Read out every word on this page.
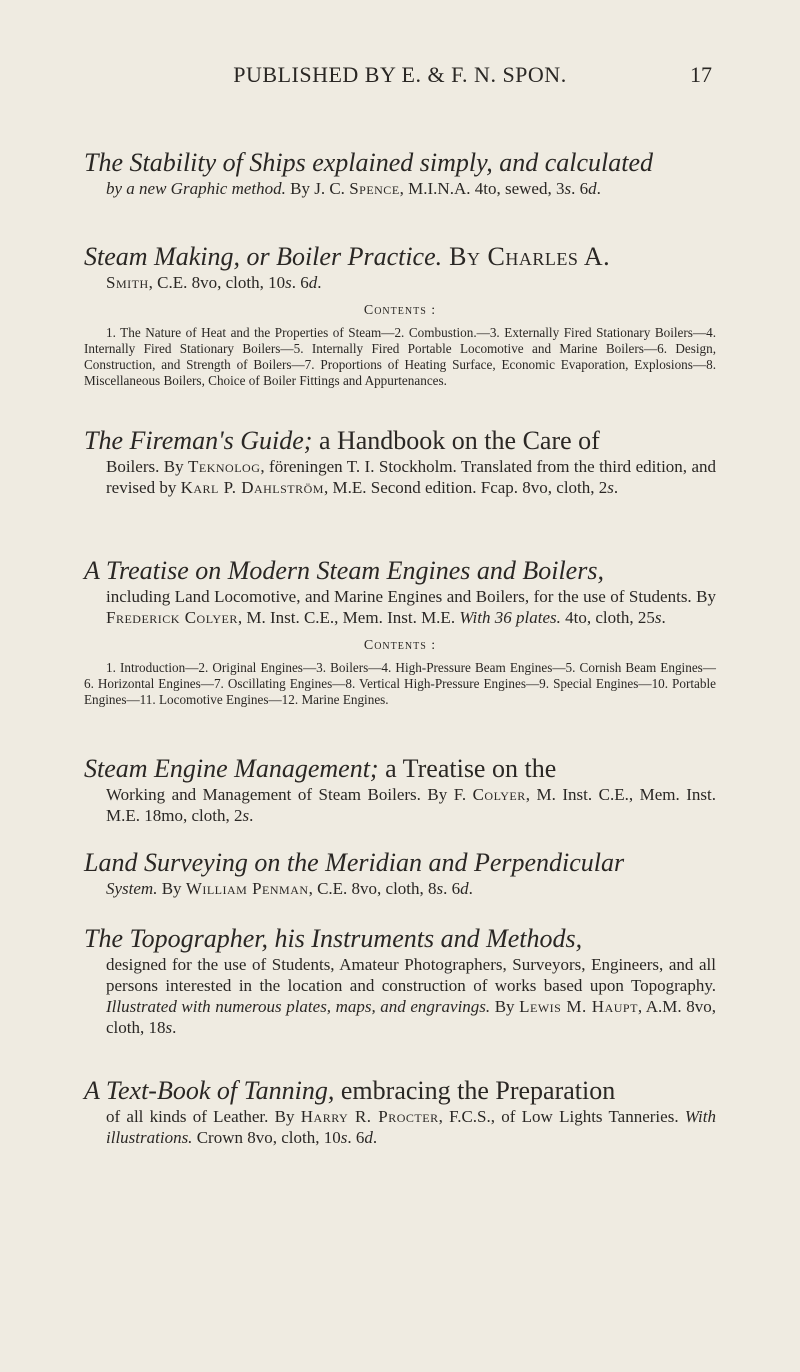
PUBLISHED BY E. & F. N. SPON.	17

The Stability of Ships explained simply, and calculated

by a new Graphic method. By J. C. Spence, M.I.N.A. 4to, sewed, 3s. 6d.

Steam Making, or Boiler Practice. By Charles A.

Smith, C.E. 8vo, cloth, 10s. 6d.

Contents :

1. The Nature of Heat and the Properties of Steam—2. Combustion.—3. Externally Fired Stationary Boilers—4. Internally Fired Stationary Boilers—5. Internally Fired Portable Locomotive and Marine Boilers—6. Design, Construction, and Strength of Boilers—7. Proportions of Heating Surface, Economic Evaporation, Explosions—8. Miscellaneous Boilers, Choice of Boiler Fittings and Appurtenances.

The Fireman's Guide; a Handbook on the Care of

Boilers. By Teknolog, föreningen T. I. Stockholm. Translated from the third edition, and revised by Karl P. Dahlström, M.E. Second edition. Fcap. 8vo, cloth, 2s.

A Treatise on Modern Steam Engines and Boilers,

including Land Locomotive, and Marine Engines and Boilers, for the use of Students. By Frederick Colyer, M. Inst. C.E., Mem. Inst. M.E. With 36 plates. 4to, cloth, 25s.

Contents :

1. Introduction—2. Original Engines—3. Boilers—4. High-Pressure Beam Engines—5. Cornish Beam Engines—6. Horizontal Engines—7. Oscillating Engines—8. Vertical High-Pressure Engines—9. Special Engines—10. Portable Engines—11. Locomotive Engines—12. Marine Engines.

Steam Engine Management; a Treatise on the

Working and Management of Steam Boilers. By F. Colyer, M. Inst. C.E., Mem. Inst. M.E. 18mo, cloth, 2s.

Land Surveying on the Meridian and Perpendicular

System. By William Penman, C.E. 8vo, cloth, 8s. 6d.

The Topographer, his Instruments and Methods,

designed for the use of Students, Amateur Photographers, Surveyors, Engineers, and all persons interested in the location and construction of works based upon Topography. Illustrated with numerous plates, maps, and engravings. By Lewis M. Haupt, A.M. 8vo, cloth, 18s.

A Text-Book of Tanning, embracing the Preparation

of all kinds of Leather. By Harry R. Procter, F.C.S., of Low Lights Tanneries. With illustrations. Crown 8vo, cloth, 10s. 6d.
